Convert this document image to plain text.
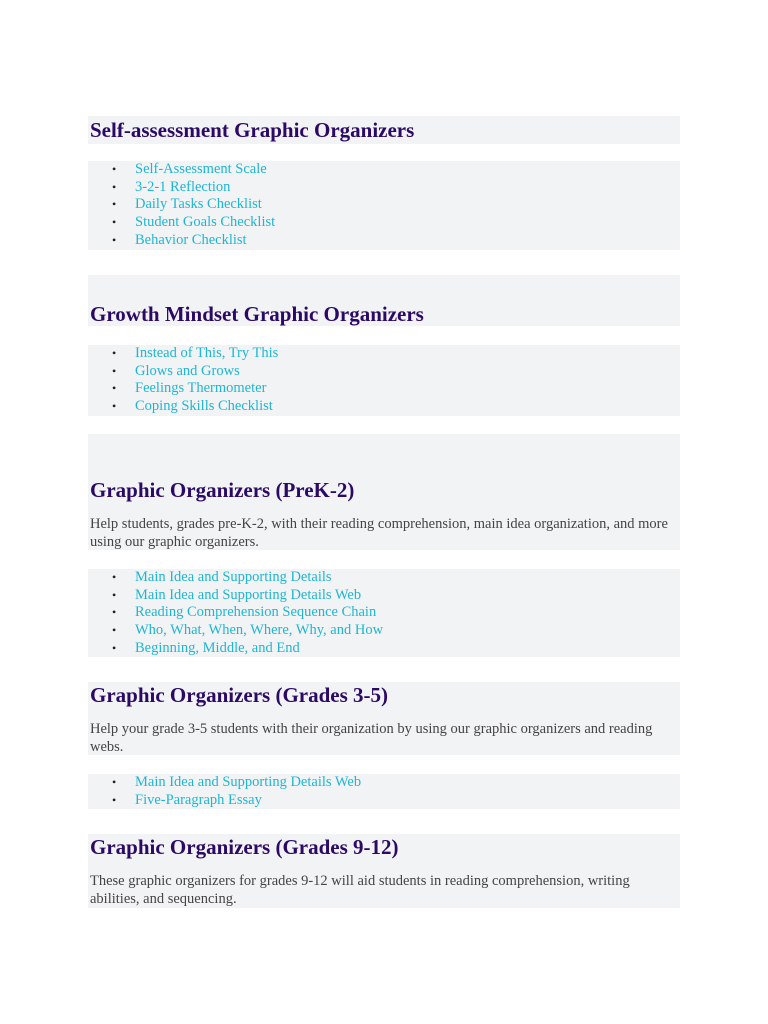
Self-assessment Graphic Organizers
• Self-Assessment Scale
• 3-2-1 Reflection
• Daily Tasks Checklist
• Student Goals Checklist
• Behavior Checklist
Growth Mindset Graphic Organizers
• Instead of This, Try This
• Glows and Grows
• Feelings Thermometer
• Coping Skills Checklist
Graphic Organizers (PreK-2)

Help students, grades pre-K-2, with their reading comprehension, main idea organization, and more using our graphic organizers.

• Main Idea and Supporting Details
• Main Idea and Supporting Details Web
• Reading Comprehension Sequence Chain
• Who, What, When, Where, Why, and How
• Beginning, Middle, and End
Graphic Organizers (Grades 3-5)

Help your grade 3-5 students with their organization by using our graphic organizers and reading webs.

• Main Idea and Supporting Details Web
• Five-Paragraph Essay
Graphic Organizers (Grades 9-12)

These graphic organizers for grades 9-12 will aid students in reading comprehension, writing abilities, and sequencing.
